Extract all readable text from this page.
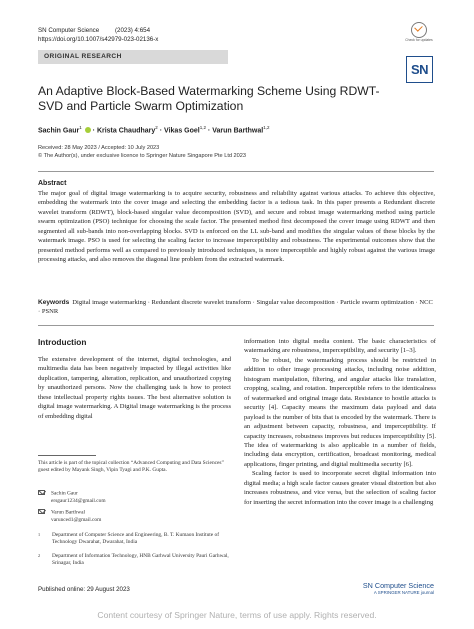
SN Computer Science	(2023) 4:654
https://doi.org/10.1007/s42979-023-02136-x	Check for updates
ORIGINAL RESEARCH
SN
An Adaptive Block-Based Watermarking Scheme Using RDWT-SVD and Particle Swarm Optimization
Sachin Gaur$^1$  · Krista Chaudhary$^2$ · Vikas Goel$^{1,2}$ · Varun Barthwal$^{1,2}$
Received: 28 May 2023 / Accepted: 10 July 2023
© The Author(s), under exclusive licence to Springer Nature Singapore Pte Ltd 2023
Abstract
The major goal of digital image watermarking is to acquire security, robustness and reliability against various attacks. To achieve this objective, embedding the watermark into the cover image and selecting the embedding factor is a tedious task. In this paper presents a Redundant discrete wavelet transform (RDWT), block-based singular value decomposition (SVD), and secure and robust image watermarking method using particle swarm optimization (PSO) technique for choosing the scale factor. The presented method first decomposed the cover image using RDWT and then segmented all sub-bands into non-overlapping blocks. SVD is enforced on the LL sub-band and modifies the singular values of these blocks by the watermark image. PSO is used for selecting the scaling factor to increase imperceptibility and robustness. The experimental outcomes show that the presented method performs well as compared to previously introduced techniques, is more imperceptible and highly robust against the various image processing attacks, and also removes the diagonal line problem from the extracted watermark.
Keywords Digital image watermarking · Redundant discrete wavelet transform · Singular value decomposition · Particle swarm optimization · NCC · PSNR
Introduction

The extensive development of the internet, digital technologies, and multimedia data has been negatively impacted by illegal activities like duplication, tampering, alteration, replication, and unauthorized copying by unauthorized persons. Now the challenging task is how to protect these intellectual property rights issues. The best alternative solution is digital image watermarking. A Digital image watermarking is the process of embedding digital

This article is part of the topical collection “Advanced Computing and Data Sciences” guest edited by Mayank Singh, Vipin Tyagi and P.K. Gupta.
Sachin Gaur
ersgaur1234@gmail.com
Varun Barthwal
varunced1@gmail.com
1 Department of Computer Science and Engineering, B. T. Kumaon Institute of Technology Dwarahat, Dwarahat, India
2 Department of Information Technology, HNB Garhwal University Pauri Garhwal, Srinagar, India

information into digital media content. The basic characteristics of watermarking are robustness, imperceptibility, and security [1–3].

To be robust, the watermarking process should be restricted in addition to other image processing attacks, including noise addition, histogram manipulation, filtering, and angular attacks like translation, cropping, scaling, and rotation. Imperceptible refers to the identicalness of watermarked and original image data. Resistance to hostile attacks is security [4]. Capacity means the maximum data payload and data payload is the number of bits that is encoded by the watermark. There is an adjustment between capacity, robustness, and imperceptibility. If capacity increases, robustness improves but reduces imperceptibility [5]. The idea of watermarking is also applicable in a number of fields, including data encryption, certification, broadcast monitoring, medical applications, finger printing, and digital multimedia security [6].

Scaling factor is used to incorporate secret digital information into digital media; a high scale factor causes greater visual distortion but also increases robustness, and vice versa, but the selection of scaling factor for inserting the secret information into the cover image is a challenging

Published online: 29 August 2023	SN Computer Science
A SPRINGER NATURE journal
Content courtesy of Springer Nature, terms of use apply. Rights reserved.
